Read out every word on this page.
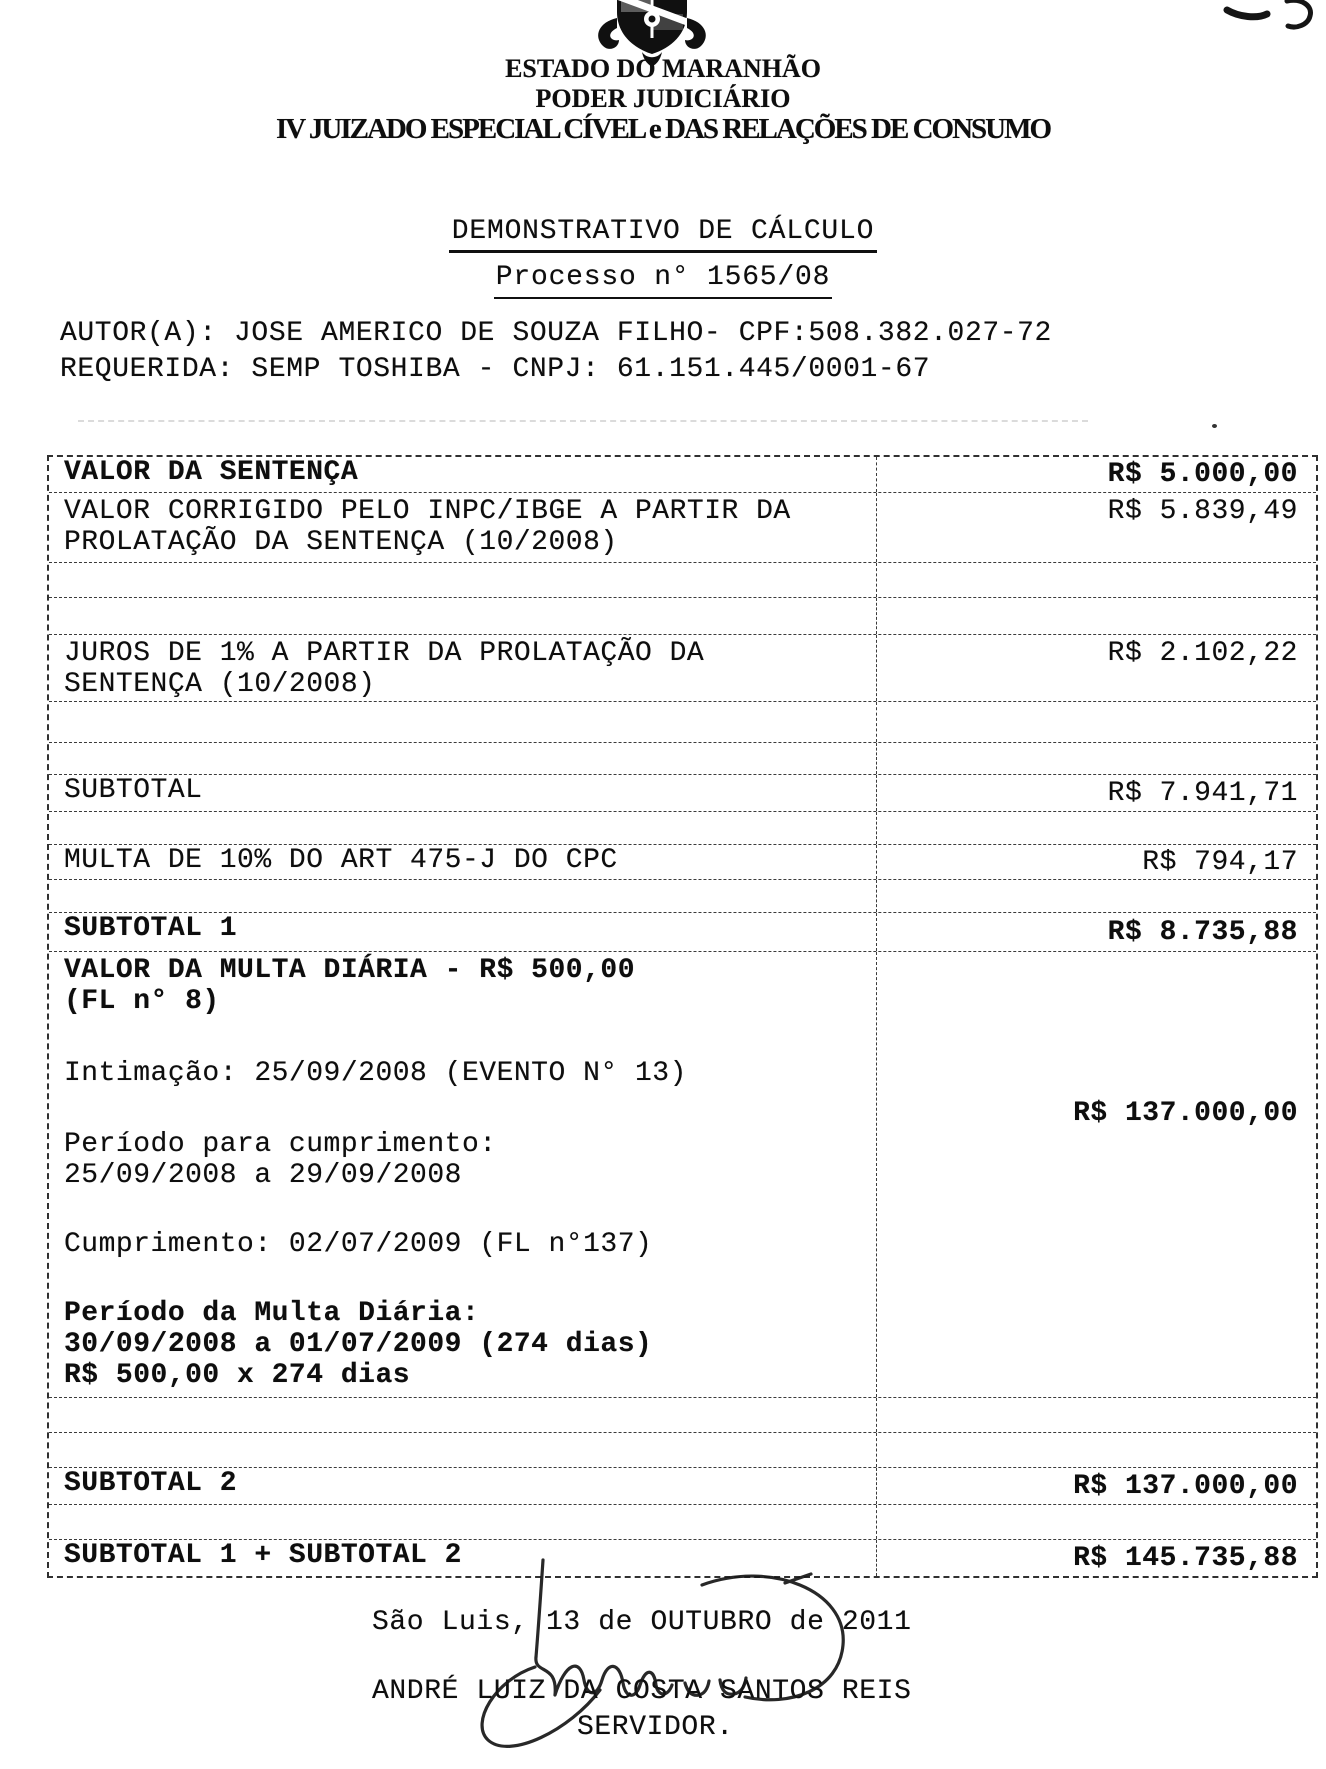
ESTADO DO MARANHÃO
PODER JUDICIÁRIO
IV JUIZADO ESPECIAL CÍVEL e DAS RELAÇÕES DE CONSUMO
DEMONSTRATIVO DE CÁLCULO
Processo n° 1565/08
AUTOR(A): JOSE AMERICO DE SOUZA FILHO- CPF:508.382.027-72
REQUERIDA: SEMP TOSHIBA - CNPJ: 61.151.445/0001-67
VALOR DA SENTENÇA	R$ 5.000,00
VALOR CORRIGIDO PELO INPC/IBGE A PARTIR DA
PROLATAÇÃO DA SENTENÇA (10/2008)
R$ 5.839,49
JUROS DE 1% A PARTIR DA PROLATAÇÃO DA
SENTENÇA (10/2008)
R$ 2.102,22
SUBTOTAL	R$ 7.941,71
MULTA DE 10% DO ART 475-J DO CPC	R$ 794,17
SUBTOTAL 1	R$ 8.735,88
VALOR DA MULTA DIÁRIA - R$ 500,00
(FL n° 8)
Intimação: 25/09/2008 (EVENTO N° 13)
Período para cumprimento:
25/09/2008 a 29/09/2008
Cumprimento: 02/07/2009 (FL n°137)
Período da Multa Diária:
30/09/2008 a 01/07/2009 (274 dias)
R$ 500,00 x 274 dias
R$ 137.000,00
SUBTOTAL 2	R$ 137.000,00
SUBTOTAL 1 + SUBTOTAL 2	R$ 145.735,88
São Luis, 13 de OUTUBRO de 2011
ANDRÉ LUIZ DA COSTA SANTOS REIS
SERVIDOR.
